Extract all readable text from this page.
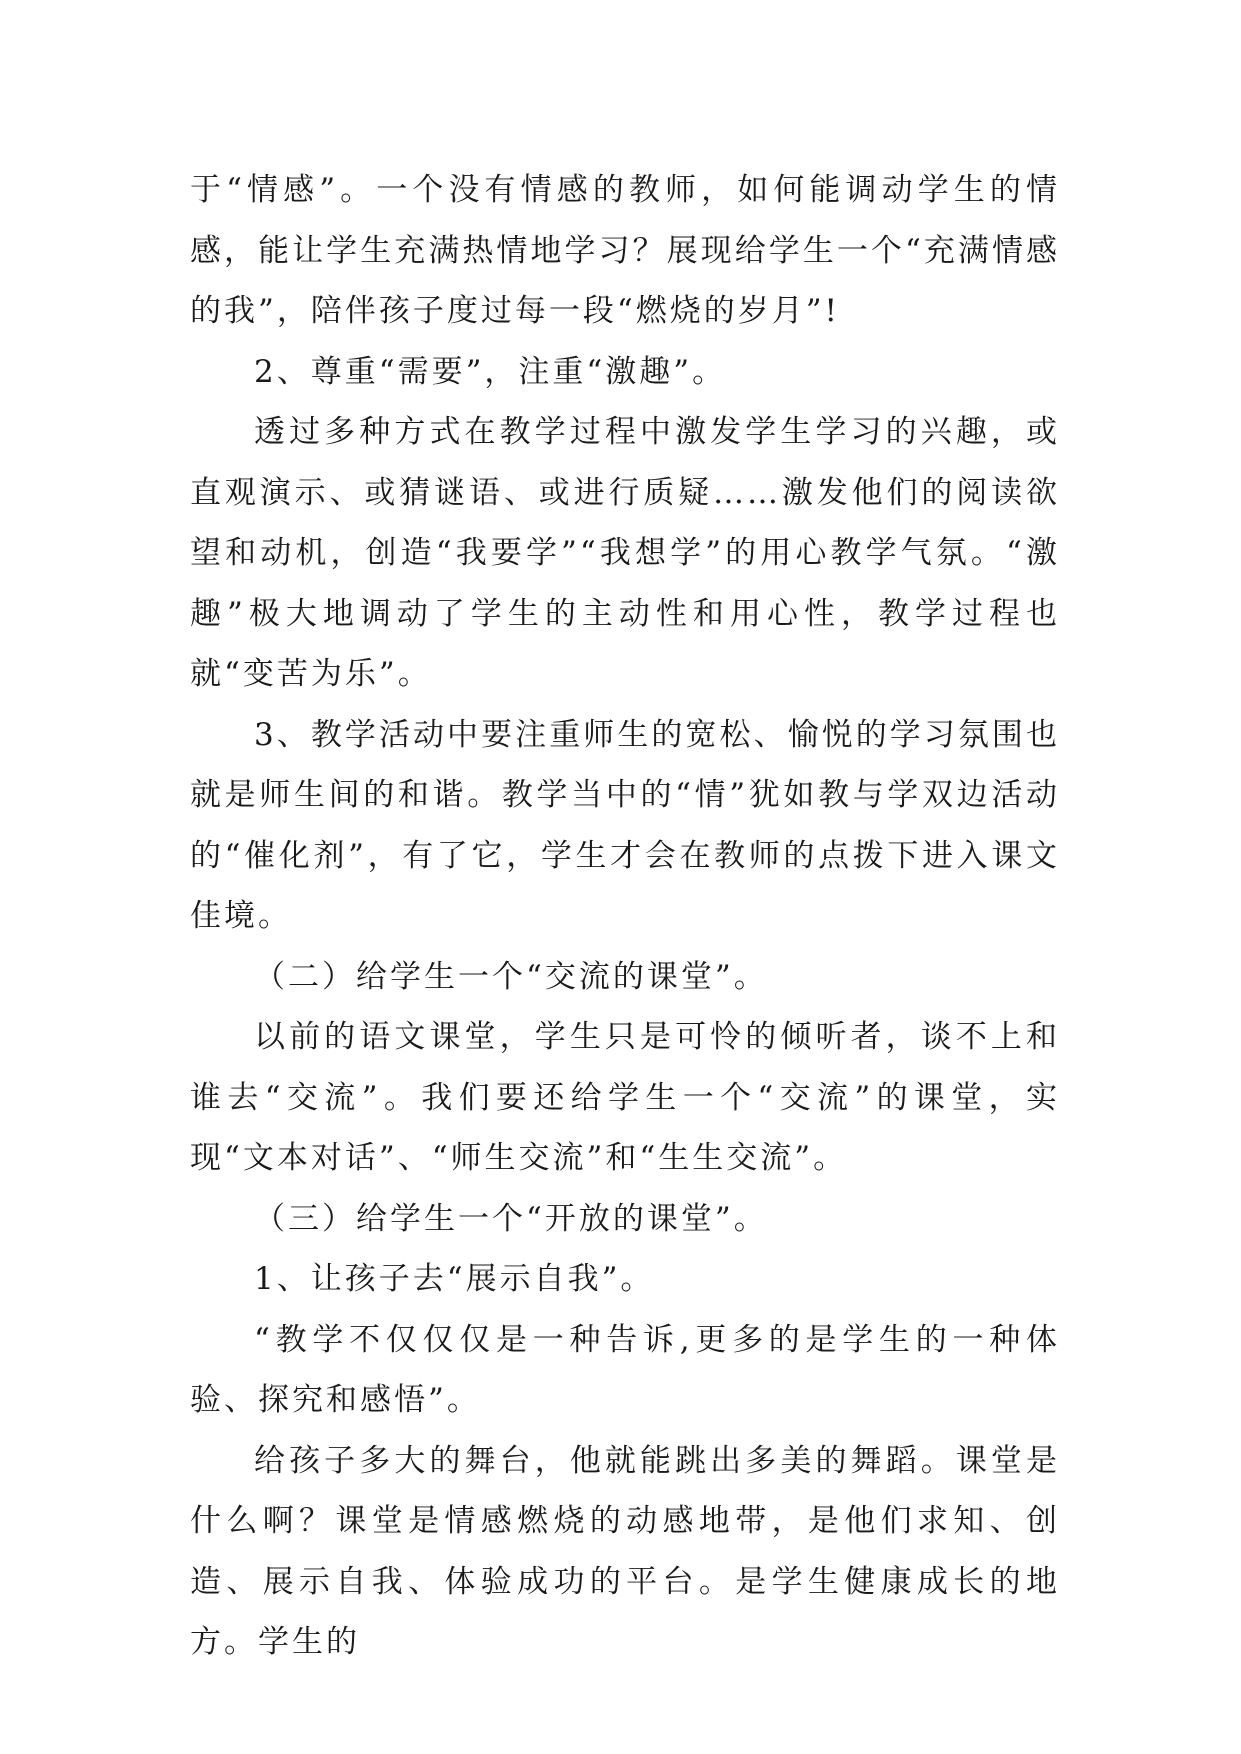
于“情感”。一个没有情感的教师，如何能调动学生的情感，能让学生充满热情地学习？展现给学生一个“充满情感的我”，陪伴孩子度过每一段“燃烧的岁月”!

2、尊重“需要”，注重“激趣”。

透过多种方式在教学过程中激发学生学习的兴趣，或直观演示、或猜谜语、或进行质疑……激发他们的阅读欲望和动机，创造“我要学”“我想学”的用心教学气氛。“激趣”极大地调动了学生的主动性和用心性，教学过程也就“变苦为乐”。

3、教学活动中要注重师生的宽松、愉悦的学习氛围也就是师生间的和谐。教学当中的“情”犹如教与学双边活动的“催化剂”，有了它，学生才会在教师的点拨下进入课文佳境。

（二）给学生一个“交流的课堂”。

以前的语文课堂，学生只是可怜的倾听者，谈不上和谁去“交流”。我们要还给学生一个“交流”的课堂，实现“文本对话”、“师生交流”和“生生交流”。

（三）给学生一个“开放的课堂”。

1、让孩子去“展示自我”。

“教学不仅仅仅是一种告诉,更多的是学生的一种体验、探究和感悟”。

给孩子多大的舞台，他就能跳出多美的舞蹈。课堂是什么啊？课堂是情感燃烧的动感地带，是他们求知、创造、展示自我、体验成功的平台。是学生健康成长的地方。学生的
